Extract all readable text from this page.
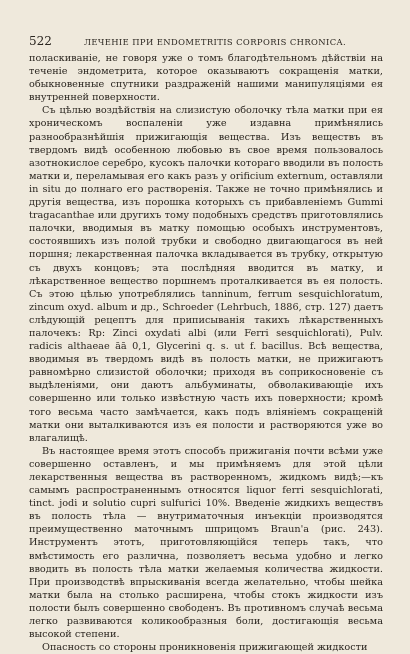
522	ЛЕЧЕНІЕ ПРИ ENDOMETRITIS CORPORIS CHRONICA.

полаcкиваніе, не говоря уже о томъ благодѣтельномъ дѣйствіи на теченіе эндометрита, которое оказываютъ сокращенія матки, обыкновенные спутники раздраженій нашими манипуляціями ея внутренней поверхности.

Съ цѣлью воздѣйствія на слизистую оболочку тѣла матки при ея хроническомъ воспаленіи уже издавна примѣнялись разнообразнѣйшія прижигающія вещества. Изъ веществъ въ твердомъ видѣ особенною любовью въ свое время пользовалось азотнокислое серебро, кусокъ палочки котораго вводили въ полость матки и, переламывая его какъ разъ у orificium externum, оставляли in situ до полнаго его растворенія. Также не точно примѣнялись и другія вещества, изъ порошка которыхъ съ прибавленіемъ Gummi tragacanthae или другихъ тому подобныхъ средствъ приготовлялись палочки, вводимыя въ матку помощью особыхъ инструментовъ, состоявшихъ изъ полой трубки и свободно двигающагося въ ней поршня; лекарственная палочка вкладывается въ трубку, открытую съ двухъ концовъ; эта послѣдняя вводится въ матку, и лѣкарственное вещество поршнемъ проталкивается въ ея полость. Съ этою цѣлью употреблялись tanninum, ferrum sesquichloratum, zincum oxyd. album и др., Schroeder (Lehrbuch, 1886, стр. 127) даетъ слѣдующій рецептъ для приписыванія такихъ лѣкарственныхъ палочекъ: Rp: Zinci oxydati albi (или Ferri sesquichlorati), Pulv. radicis althaeae āā 0,1, Glycerini q. s. ut f. bacillus. Всѣ вещества, вводимыя въ твердомъ видѣ въ полость матки, не прижигаютъ равномѣрно слизистой оболочки; приходя въ соприкосновеніе съ выдѣленіями, они даютъ альбуминаты, обволакивающіе ихъ совершенно или только извѣстную часть ихъ поверхности; кромѣ того весьма часто замѣчается, какъ подъ вліяніемъ сокращеній матки они выталкиваются изъ ея полости и растворяются уже во влагалищѣ.

Въ настоящее время этотъ способъ прижиганія почти всѣми уже совершенно оставленъ, и мы примѣняемъ для этой цѣли лекарственныя вещества въ растворенномъ, жидкомъ видѣ;—къ самымъ распространеннымъ относятся liquor ferri sesquichlorati, tinct. jodi и solutio cupri sulfurici 10%. Введеніе жидкихъ веществъ въ полость тѣла — внутриматочныя инъекціи производятся преимущественно маточнымъ шприцомъ Braun'а (рис. 243). Инструментъ этотъ, приготовляющійся теперь такъ, что вмѣстимость его различна, позволяетъ весьма удобно и легко вводить въ полость тѣла матки желаемыя количества жидкости. При производствѣ впрыскиванія всегда желательно, чтобы шейка матки была на столько расширена, чтобы стокъ жидкости изъ полости былъ совершенно свободенъ. Въ противномъ случаѣ весьма легко развиваются коликообразныя боли, достигающія весьма высокой степени.

Опасность со стороны проникновенія прижигающей жидкости
